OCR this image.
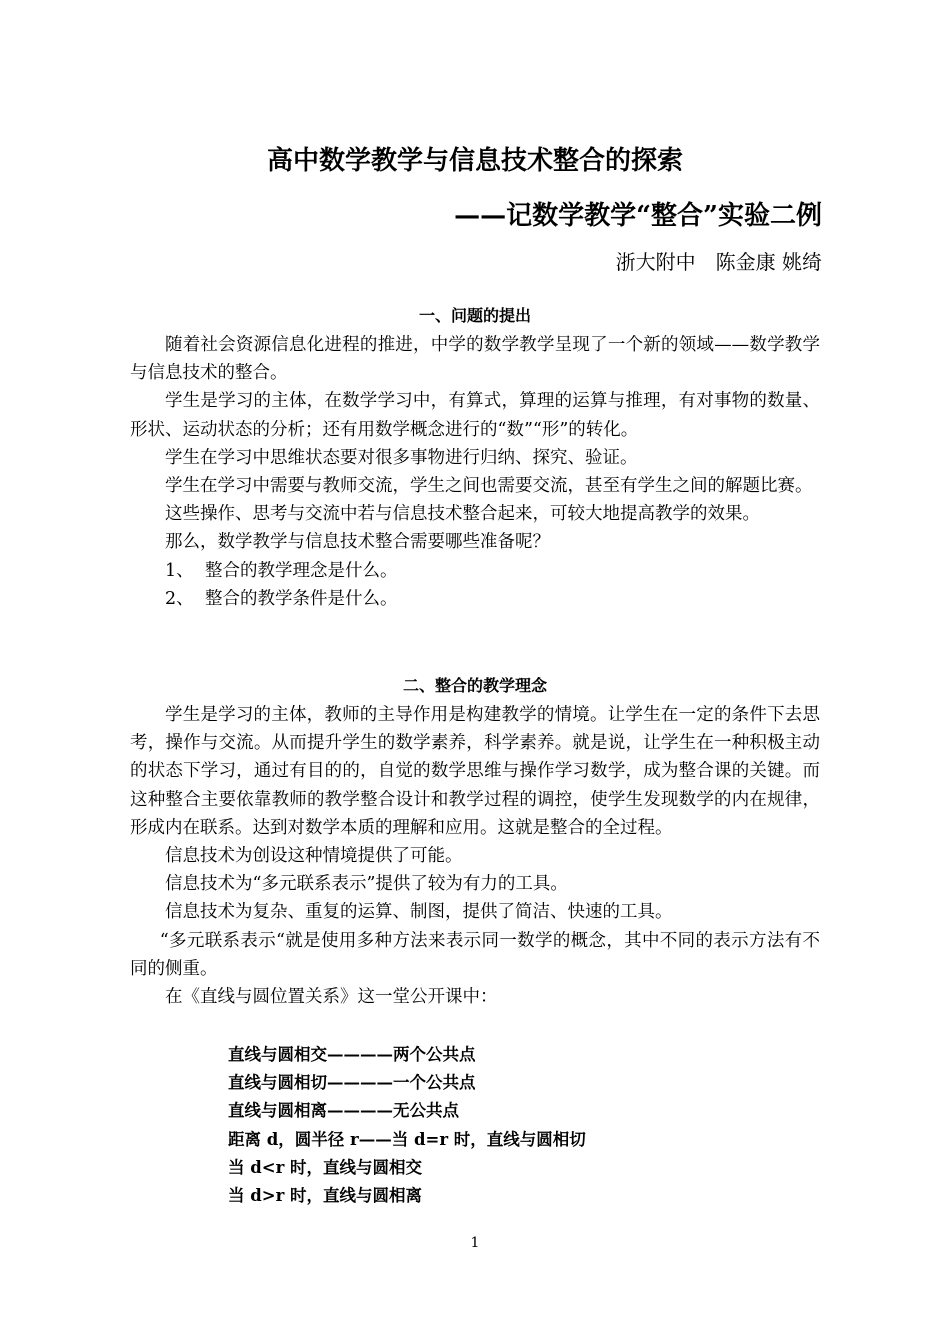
高中数学教学与信息技术整合的探索
——记数学教学“整合”实验二例
浙大附中　陈金康 姚绮
一、问题的提出

随着社会资源信息化进程的推进，中学的数学教学呈现了一个新的领域——数学教学与信息技术的整合。

学生是学习的主体，在数学学习中，有算式，算理的运算与推理，有对事物的数量、形状、运动状态的分析；还有用数学概念进行的“数”“形”的转化。

学生在学习中思维状态要对很多事物进行归纳、探究、验证。

学生在学习中需要与教师交流，学生之间也需要交流，甚至有学生之间的解题比赛。

这些操作、思考与交流中若与信息技术整合起来，可较大地提高教学的效果。

那么，数学教学与信息技术整合需要哪些准备呢？

1、 整合的教学理念是什么。

2、 整合的教学条件是什么。

二、整合的教学理念

学生是学习的主体，教师的主导作用是构建教学的情境。让学生在一定的条件下去思考，操作与交流。从而提升学生的数学素养，科学素养。就是说，让学生在一种积极主动的状态下学习，通过有目的的，自觉的数学思维与操作学习数学，成为整合课的关键。而这种整合主要依靠教师的教学整合设计和教学过程的调控，使学生发现数学的内在规律，形成内在联系。达到对数学本质的理解和应用。这就是整合的全过程。

信息技术为创设这种情境提供了可能。

信息技术为“多元联系表示”提供了较为有力的工具。

信息技术为复杂、重复的运算、制图，提供了简洁、快速的工具。

“多元联系表示“就是使用多种方法来表示同一数学的概念，其中不同的表示方法有不同的侧重。

在《直线与圆位置关系》这一堂公开课中：

直线与圆相交————两个公共点
直线与圆相切————一个公共点
直线与圆相离————无公共点
距离 d，圆半径 r——当 d=r 时，直线与圆相切
当 d<r 时，直线与圆相交
当 d>r 时，直线与圆相离
1
